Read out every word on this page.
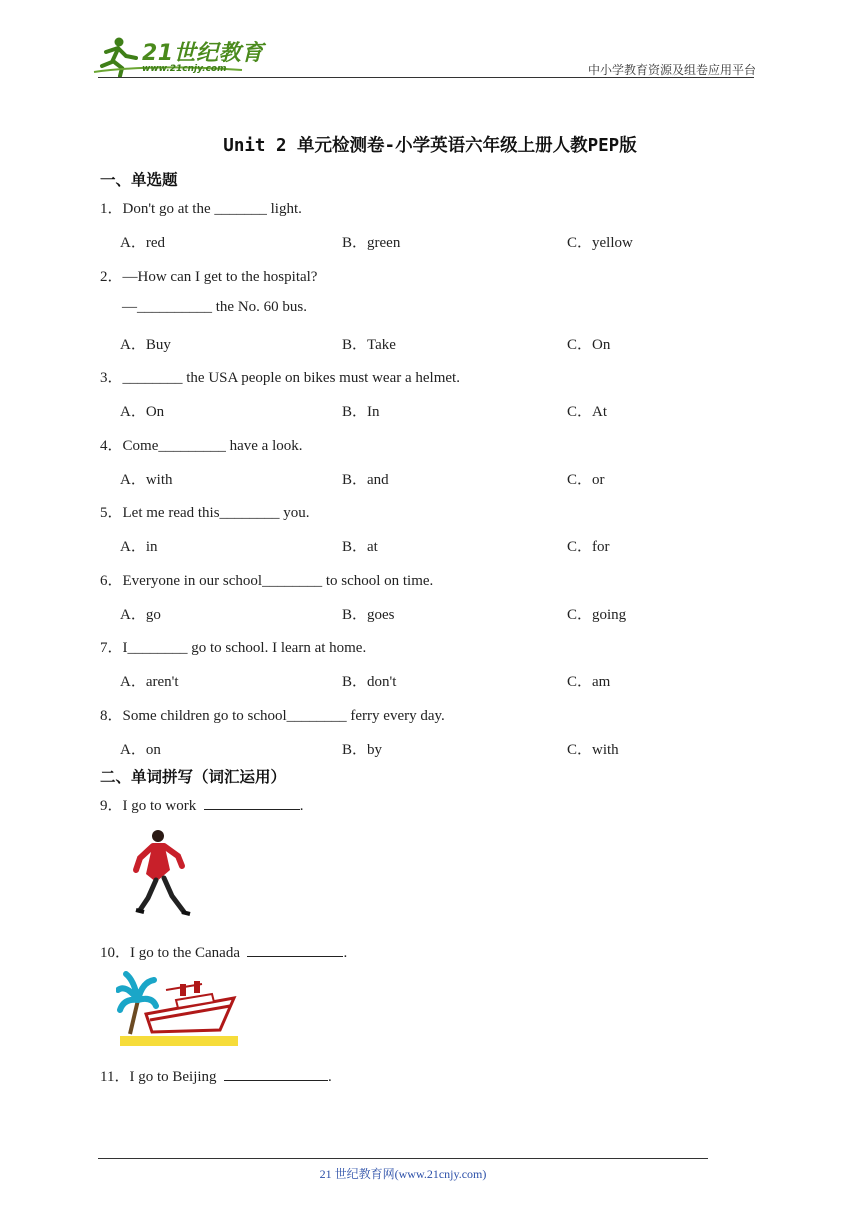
21世纪教育
www.21cnjy.com	中小学教育资源及组卷应用平台
Unit 2 单元检测卷-小学英语六年级上册人教PEP版
一、单选题
1．Don't go at the _______ light.
A．red	B．green	C．yellow
2．—How can I get to the hospital?
—__________ the No. 60 bus.
A．Buy	B．Take	C．On
3．________ the USA people on bikes must wear a helmet.
A．On	B．In	C．At
4．Come_________ have a look.
A．with	B．and	C．or
5．Let me read this________ you.
A．in	B．at	C．for
6．Everyone in our school________ to school on time.
A．go	B．goes	C．going
7．I________ go to school. I learn at home.
A．aren't	B．don't	C．am
8．Some children go to school________ ferry every day.
A．on	B．by	C．with
二、单词拼写（词汇运用）
9．I go to work	.
10．I go to the Canada	.
11．I go to Beijing	.
21 世纪教育网(www.21cnjy.com)
